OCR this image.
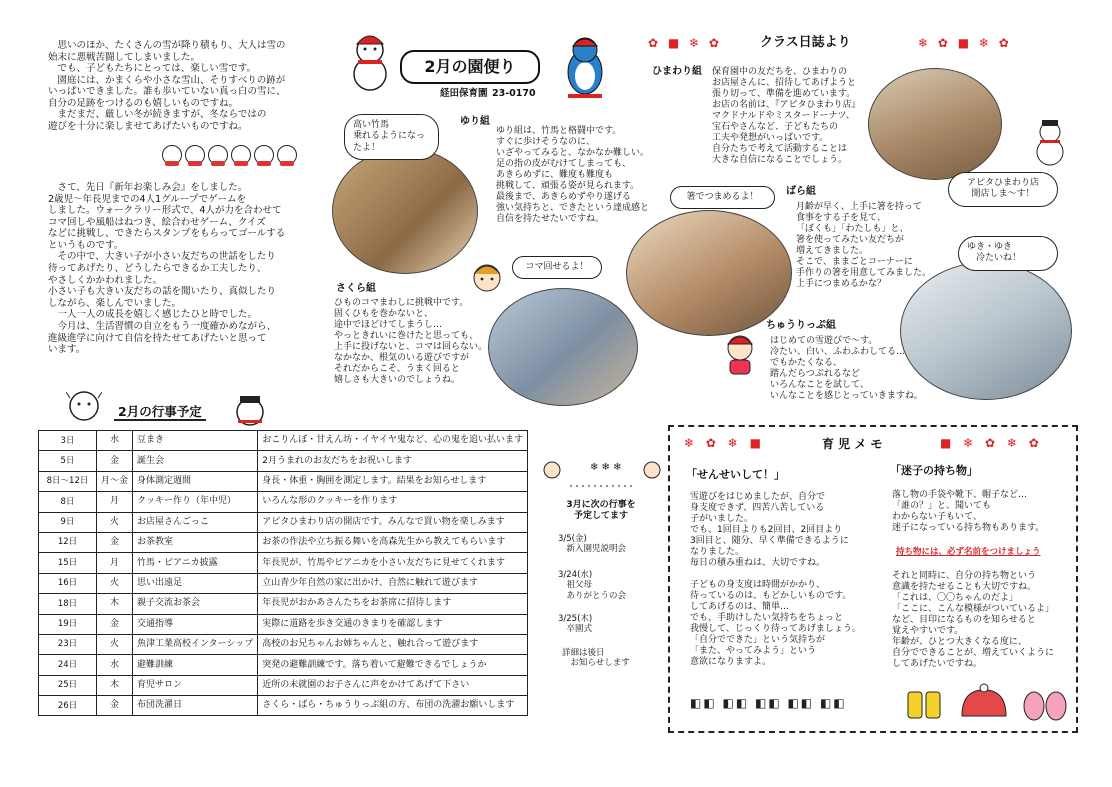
　思いのほか、たくさんの雪が降り積もり、大人は雪の
始末に悪戦苦闘してしまいました。
　でも、子どもたちにとっては、楽しい雪です。
　園庭には、かまくらや小さな雪山、そりすべりの跡が
いっぱいできました。誰も歩いていない真っ白の雪に、
自分の足跡をつけるのも嬉しいものですね。
　まだまだ、厳しい冬が続きますが、冬ならではの
遊びを十分に楽しませてあげたいものですね。
　さて、先日『新年お楽しみ会』をしました。
2歳児～年長児までの4人1グループでゲームを
しました。ウォークラリー形式で、4人が力を合わせて
コマ回しや風船はねつき、絵合わせゲーム、クイズ
などに挑戦し、できたらスタンプをもらってゴールする
というものです。
　その中で、大きい子が小さい友だちの世話をしたり
待ってあげたり、どうしたらできるか工夫したり、
やさしくかかわれました。
小さい子も大きい友だちの話を聞いたり、真似したり
しながら、楽しんでいました。
　一人一人の成長を嬉しく感じたひと時でした。
　今月は、生活習慣の自立をもう一度確かめながら、
進級進学に向けて自信を持たせてあげたいと思って
います。
2月の園便り
経田保育園 23-0170
✿ ■ ❄ ✿	クラス日誌より	❄ ✿ ■ ❄ ✿
高い竹馬
乗れるようになったよ！
ゆり組
ゆり組は、竹馬と格闘中です。
すぐに歩けそうなのに、
いざやってみると、なかなか難しい。
足の指の皮がむけてしまっても、
あきらめずに、難度も難度も
挑戦して、頑張る姿が見られます。
最後まで、あきらめずやり遂げる
強い気持ちと、できたという達成感と
自信を持たせたいですね。
ひまわり組 保育園中の友だちを、ひまわりの
お店屋さんに、招待してあげようと
張り切って、準備を進めています。
お店の名前は、『アピタひまわり店』
マクドナルドやミスタードーナツ、
宝石やさんなど、子どもたちの
工夫や発想がいっぱいです。
自分たちで考えて活動することは
大きな自信になることでしょう。
アピタひまわり店
開店しま～す！
箸でつまめるよ！	ばら組
月齢が早く、上手に箸を持って
食事をする子を見て、
「ぼくも」「わたしも」と、
箸を使ってみたい友だちが
増えてきました。
そこで、ままごとコーナーに
手作りの箸を用意してみました。
上手につまめるかな？
コマ回せるよ！
さくら組
ひものコマまわしに挑戦中です。
固くひもを巻かないと、
途中でほどけてしまうし…
やっときれいに巻けたと思っても、
上手に投げないと、コマは回らない。
なかなか、根気のいる遊びですが
それだからこそ、うまく回ると
嬉しさも大きいのでしょうね。
ゆき・ゆき
　冷たいね！
ちゅうりっぷ組
はじめての雪遊びで～す。
冷たい、白い、ふわふわしてる…
でもかたくなる、
踏んだらつぶれるなど
いろんなことを試して、
いんなことを感じとっていきますね。
2月の行事予定
3日	水	豆まき	おこりんぼ・甘えん坊・イヤイヤ鬼など、心の鬼を追い払います
5日	金	誕生会	2月うまれのお友だちをお祝いします
8日～12日	月～金	身体測定週間	身長・体重・胸囲を測定します。結果をお知らせします
8日	月	クッキー作り（年中児）	いろんな形のクッキーを作ります
9日	火	お店屋さんごっこ	アピタひまわり店の開店です。みんなで買い物を楽しみます
12日	金	お茶教室	お茶の作法や立ち振る舞いを高森先生から教えてもらいます
15日	月	竹馬・ピアニカ披露	年長児が、竹馬やピアニカを小さい友だちに見せてくれます
16日	火	思い出遠足	立山青少年自然の家に出かけ、自然に触れて遊びます
18日	木	親子交流お茶会	年長児がおかあさんたちをお茶席に招待します
19日	金	交通指導	実際に道路を歩き交通のきまりを確認します
23日	火	魚津工業高校インターシップ	高校のお兄ちゃんお姉ちゃんと、触れ合って遊びます
24日	水	避難訓練	突発の避難訓練です。落ち着いて避難できるでしょうか
25日	木	育児サロン	近所の未就園のお子さんに声をかけてあげて下さい
26日	金	布団洗濯日	さくら・ばら・ちゅうりっぷ組の方、布団の洗濯お願いします
❄ ❄ ❄
3月に次の行事を
予定してます
3/5(金)
　新入園児説明会
3/24(水)
　祖父母
　ありがとうの会
3/25(木)
　卒園式
詳細は後日
　お知らせします
❄ ✿ ❄ ■	育 児 メ モ	■ ❄ ✿ ❄ ✿
「せんせいして！」
雪遊びをはじめましたが、自分で
身支度できず、四苦八苦している
子がいました。
でも、1回目よりも2回目、2回目より
3回目と、随分、早く準備できるように
なりました。
毎日の積み重ねは、大切ですね。

子どもの身支度は時間がかかり、
待っているのは、もどかしいものです。
してあげるのは、簡単…
でも、手助けしたい気持ちをちょっと
我慢して、じっくり待ってあげましょう。
「自分でできた」という気持ちが
「また、やってみよう」という
意欲になりますよ。
「迷子の持ち物」
落し物の手袋や靴下、帽子など…
「誰の？」と、聞いても
わからない子もいて、
迷子になっている持ち物もあります。
持ち物には、必ず名前をつけましょう
それと同時に、自分の持ち物という
意識を持たせることも大切ですね。
「これは、〇〇ちゃんのだよ」
「ここに、こんな模様がついているよ」
など、目印になるものを知らせると
覚えやすいです。
年齢が、ひとつ大きくなる度に、
自分でできることが、増えていくように
してあげたいですね。
◧◧ ◧◧ ◧◧ ◧◧ ◧◧
